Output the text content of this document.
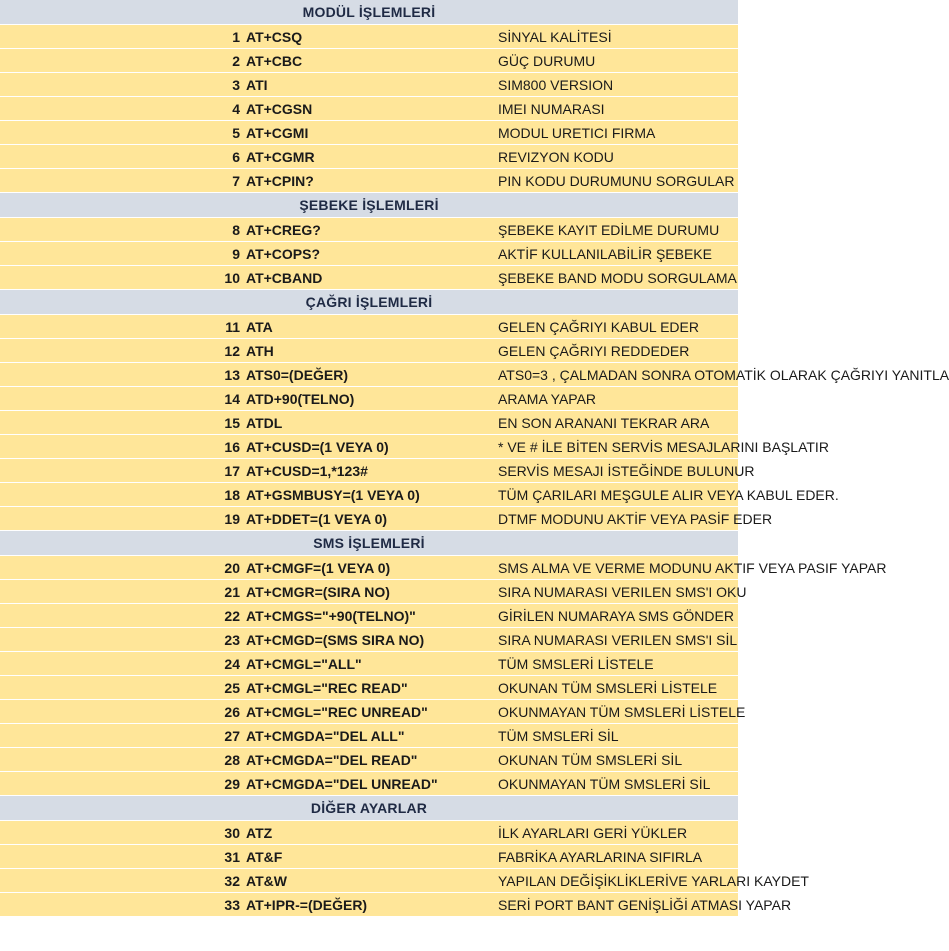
MODÜL İŞLEMLERİ		
1	AT+CSQ	SİNYAL KALİTESİ
2	AT+CBC	GÜÇ DURUMU
3	ATI	SIM800 VERSION
4	AT+CGSN	IMEI NUMARASI
5	AT+CGMI	MODUL URETICI FIRMA
6	AT+CGMR	REVIZYON KODU
7	AT+CPIN?	PIN KODU DURUMUNU SORGULAR
ŞEBEKE İŞLEMLERİ		
8	AT+CREG?	ŞEBEKE KAYIT EDİLME DURUMU
9	AT+COPS?	AKTİF KULLANILABİLİR ŞEBEKE
10	AT+CBAND	ŞEBEKE BAND MODU SORGULAMA
ÇAĞRI İŞLEMLERİ		
11	ATA	GELEN ÇAĞRIYI KABUL EDER
12	ATH	GELEN ÇAĞRIYI REDDEDER
13	ATS0=(DEĞER)	ATS0=3 , ÇALMADAN SONRA OTOMATİK OLARAK ÇAĞRIYI YANITLA
14	ATD+90(TELNO)	ARAMA YAPAR
15	ATDL	EN SON ARANANI TEKRAR ARA
16	AT+CUSD=(1 VEYA 0)	* VE # İLE BİTEN SERVİS MESAJLARINI BAŞLATIR
17	AT+CUSD=1,*123#	SERVİS MESAJI İSTEĞİNDE BULUNUR
18	AT+GSMBUSY=(1 VEYA 0)	TÜM ÇARILARI MEŞGULE ALIR VEYA KABUL EDER.
19	AT+DDET=(1 VEYA 0)	DTMF MODUNU AKTİF VEYA PASİF EDER
SMS İŞLEMLERİ		
20	AT+CMGF=(1 VEYA 0)	SMS ALMA VE VERME MODUNU AKTIF VEYA PASIF YAPAR
21	AT+CMGR=(SIRA NO)	SIRA NUMARASI VERILEN SMS'I OKU
22	AT+CMGS="+90(TELNO)"	GİRİLEN NUMARAYA SMS GÖNDER
23	AT+CMGD=(SMS SIRA NO)	SIRA NUMARASI VERILEN SMS'I SİL
24	AT+CMGL="ALL"	TÜM SMSLERİ LİSTELE
25	AT+CMGL="REC READ"	OKUNAN TÜM SMSLERİ LİSTELE
26	AT+CMGL="REC UNREAD"	OKUNMAYAN TÜM SMSLERİ LİSTELE
27	AT+CMGDA="DEL ALL"	TÜM SMSLERİ SİL
28	AT+CMGDA="DEL READ"	OKUNAN TÜM SMSLERİ SİL
29	AT+CMGDA="DEL UNREAD"	OKUNMAYAN TÜM SMSLERİ SİL
DİĞER AYARLAR		
30	ATZ	İLK AYARLARI GERİ YÜKLER
31	AT&F	FABRİKA AYARLARINA SIFIRLA
32	AT&W	YAPILAN DEĞİŞİKLİKLERİVE YARLARI KAYDET
33	AT+IPR-=(DEĞER)	SERİ PORT BANT GENİŞLİĞİ ATMASI YAPAR
